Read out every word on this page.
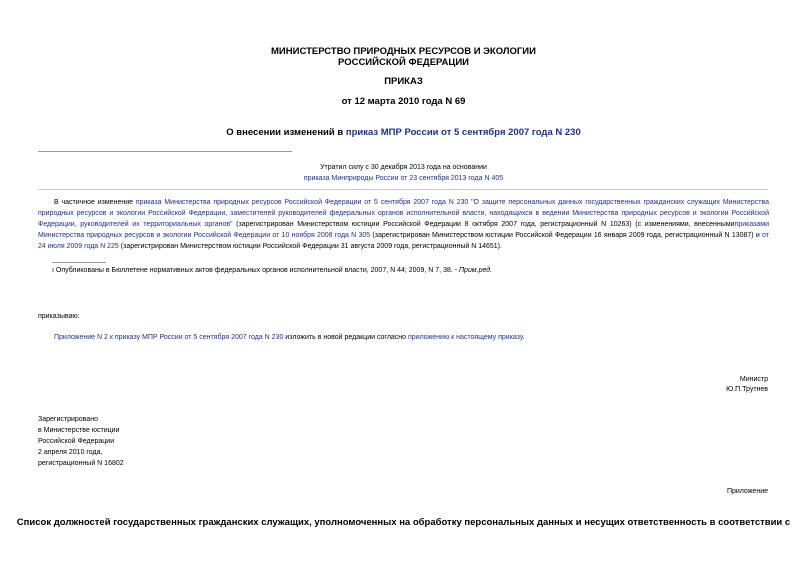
МИНИСТЕРСТВО ПРИРОДНЫХ РЕСУРСОВ И ЭКОЛОГИИ
РОССИЙСКОЙ ФЕДЕРАЦИИ
ПРИКАЗ
от 12 марта 2010 года N 69
О внесении изменений в приказ МПР России от 5 сентября 2007 года N 230
Утратил силу с 30 декабря 2013 года на основании
приказа Минприроды России от 23 сентября 2013 года N 405
В частичное изменение приказа Министерства природных ресурсов Российской Федерации от 5 сентября 2007 года N 230 "О защите персональных данных государственных гражданских служащих Министерства природных ресурсов и экологии Российской Федерации, заместителей руководителей федеральных органов исполнительной власти, находящихся в ведении Министерства природных ресурсов и экологии Российской Федерации, руководителей их территориальных органов" (зарегистрирован Министерством юстиции Российской Федерации 8 октября 2007 года, регистрационный N 10263) (с изменениями, внесеннымиприказами Министерства природных ресурсов и экологии Российской Федерации от 10 ноября 2008 года N 305 (зарегистрирован Министерством юстиции Российской Федерации 16 января 2009 года, регистрационный N 13087) и от 24 июля 2009 года N 225 (зарегистрирован Министерством юстиции Российской Федерации 31 августа 2009 года, регистрационный N 14651).
ı Опубликованы в Бюллетене нормативных актов федеральных органов исполнительной власти, 2007, N 44; 2009, N 7, 38. - Прим.ред.
приказываю:
Приложение N 2 к приказу МПР России от 5 сентября 2007 года N 230 изложить в новой редакции согласно приложению к настоящему приказу.
Министр
Ю.П.Трутнев
Зарегистрировано
в Министерстве юстиции
Российской Федерации
2 апреля 2010 года,
регистрационный N 16802
Приложение
Список должностей государственных гражданских служащих, уполномоченных на обработку персональных данных и несущих ответственность в соответствии с
